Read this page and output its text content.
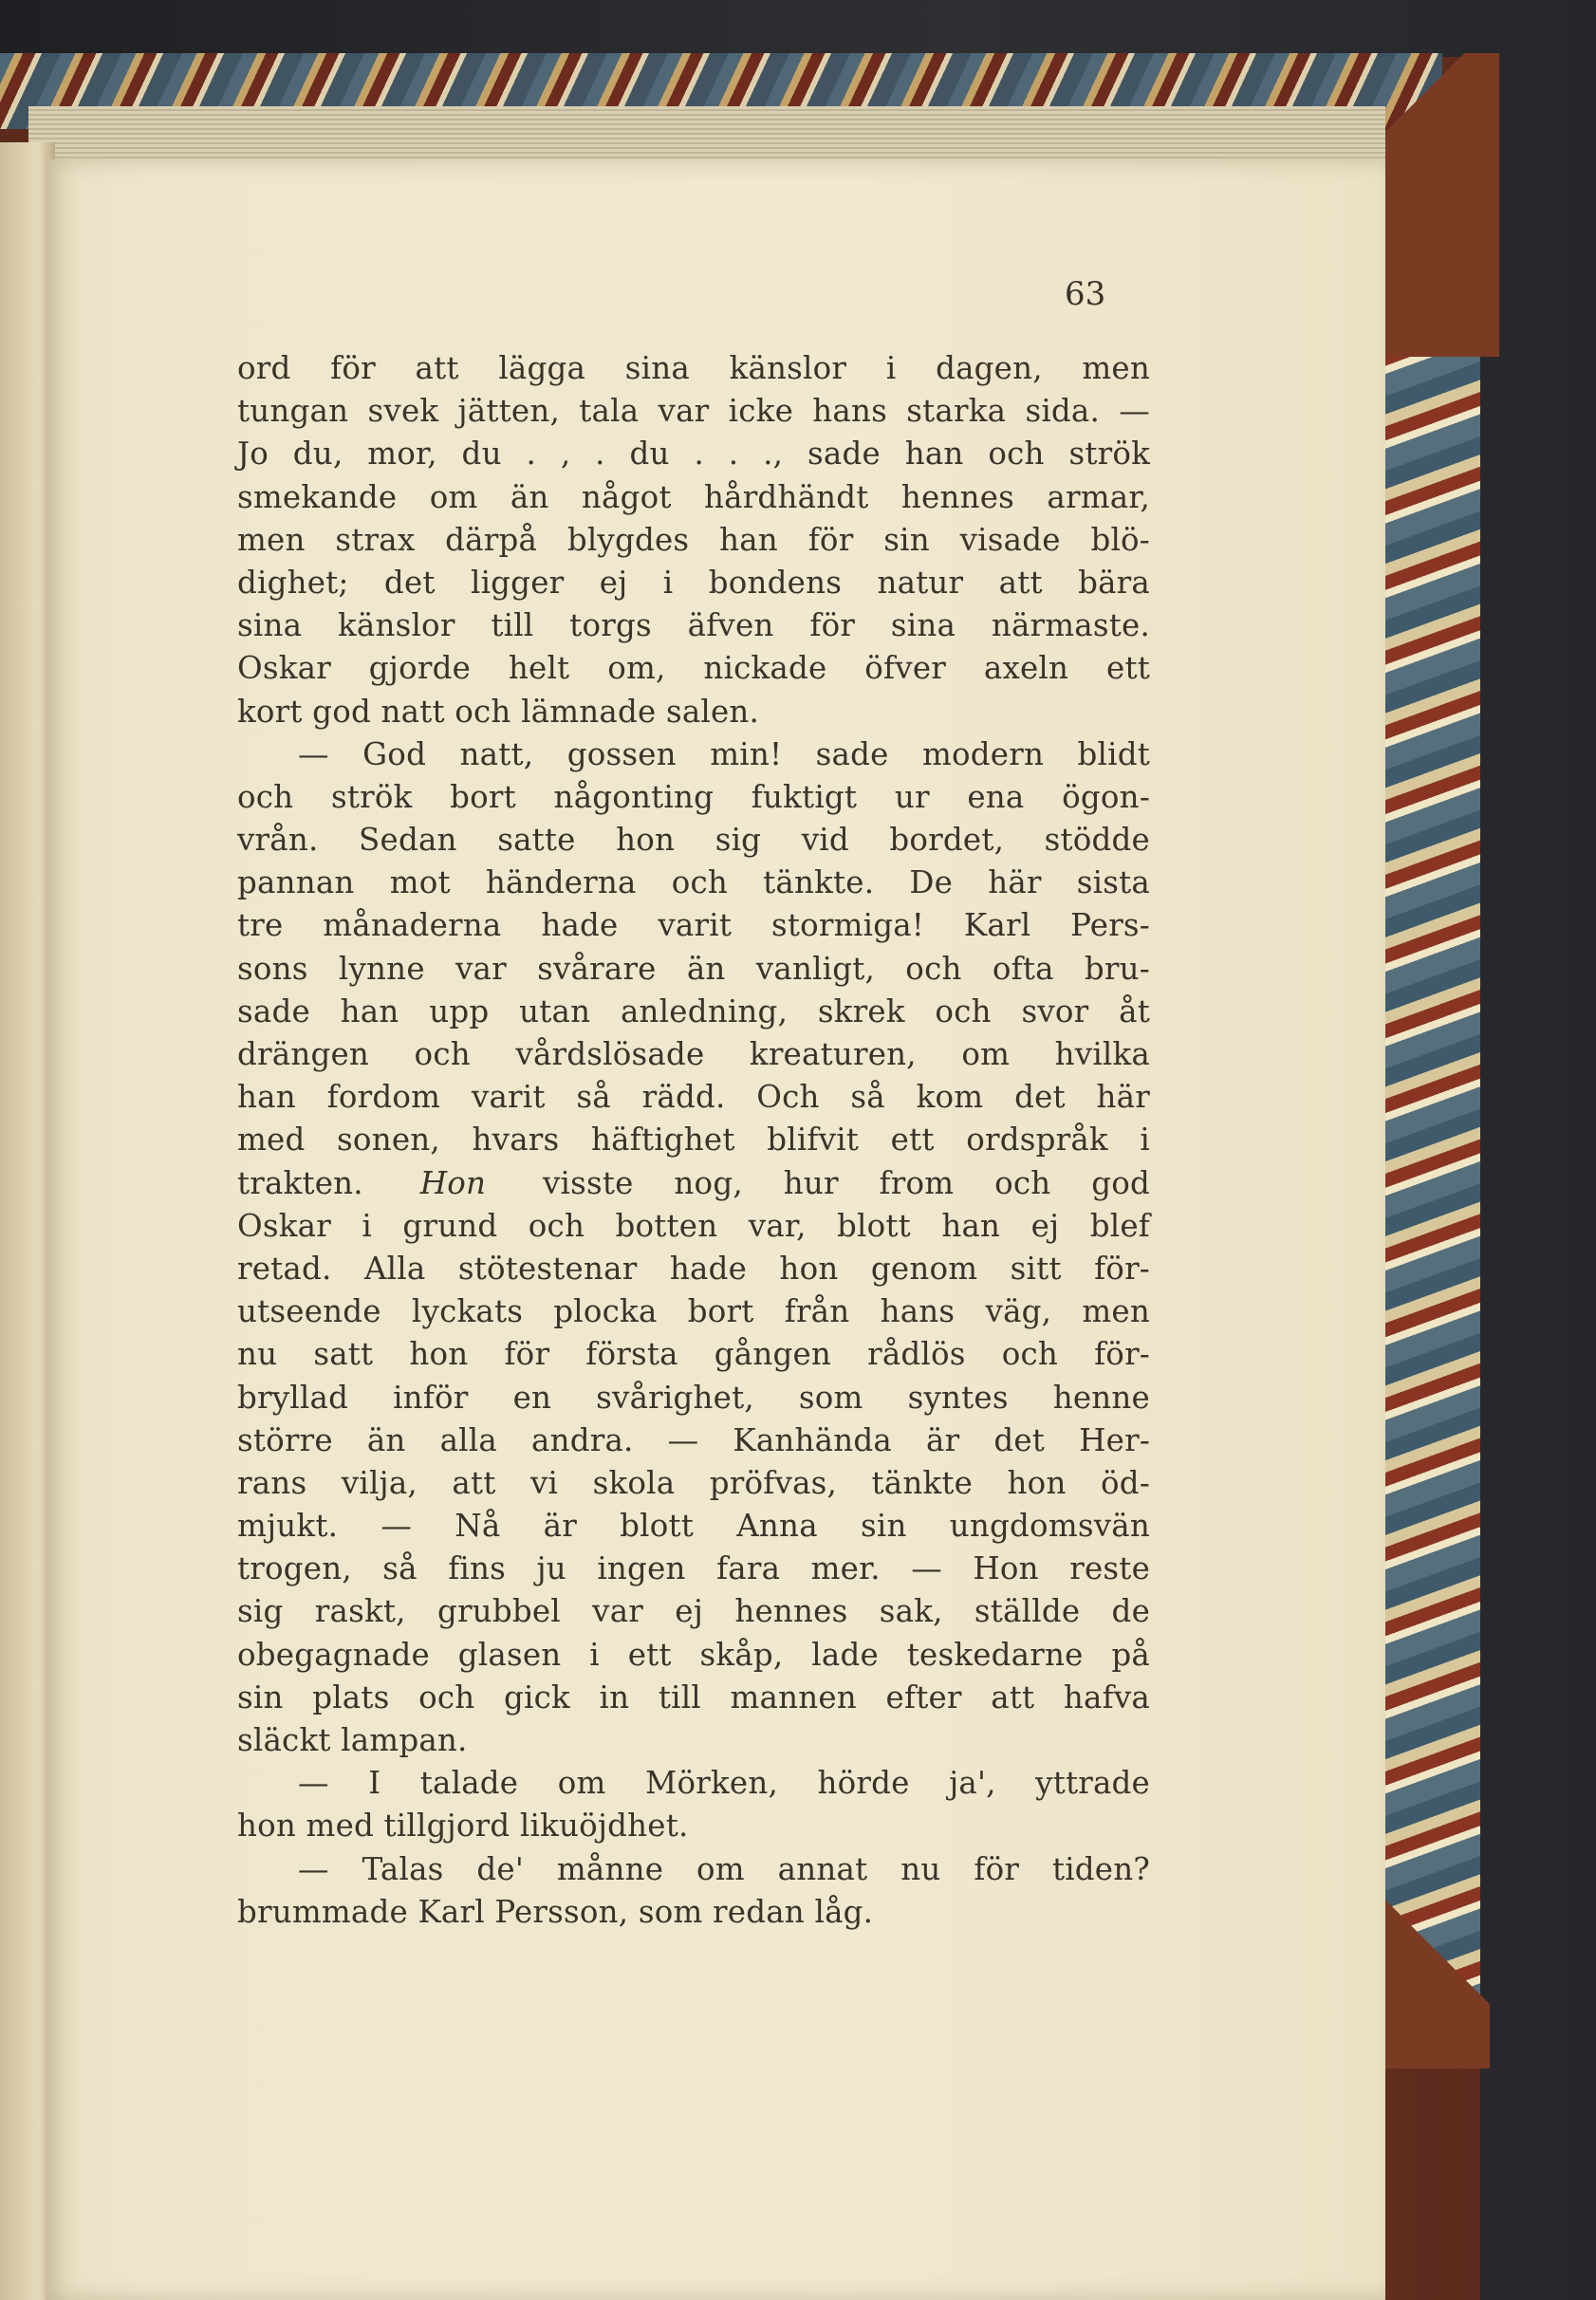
63
ord för att lägga sina känslor i dagen, men
tungan svek jätten, tala var icke hans starka sida. —
Jo du, mor, du . , . du . . ., sade han och strök
smekande om än något hårdhändt hennes armar,
men strax därpå blygdes han för sin visade blö-
dighet; det ligger ej i bondens natur att bära
sina känslor till torgs äfven för sina närmaste.
Oskar gjorde helt om, nickade öfver axeln ett
kort god natt och lämnade salen.
— God natt, gossen min! sade modern blidt
och strök bort någonting fuktigt ur ena ögon-
vrån. Sedan satte hon sig vid bordet, stödde
pannan mot händerna och tänkte. De här sista
tre månaderna hade varit stormiga! Karl Pers-
sons lynne var svårare än vanligt, och ofta bru-
sade han upp utan anledning, skrek och svor åt
drängen och vårdslösade kreaturen, om hvilka
han fordom varit så rädd. Och så kom det här
med sonen, hvars häftighet blifvit ett ordspråk i
trakten. Hon visste nog, hur from och god
Oskar i grund och botten var, blott han ej blef
retad. Alla stötestenar hade hon genom sitt för-
utseende lyckats plocka bort från hans väg, men
nu satt hon för första gången rådlös och för-
bryllad inför en svårighet, som syntes henne
större än alla andra. — Kanhända är det Her-
rans vilja, att vi skola pröfvas, tänkte hon öd-
mjukt. — Nå är blott Anna sin ungdomsvän
trogen, så fins ju ingen fara mer. — Hon reste
sig raskt, grubbel var ej hennes sak, ställde de
obegagnade glasen i ett skåp, lade teskedarne på
sin plats och gick in till mannen efter att hafva
släckt lampan.
— I talade om Mörken, hörde ja', yttrade
hon med tillgjord likuöjdhet.
— Talas de' månne om annat nu för tiden?
brummade Karl Persson, som redan låg.
